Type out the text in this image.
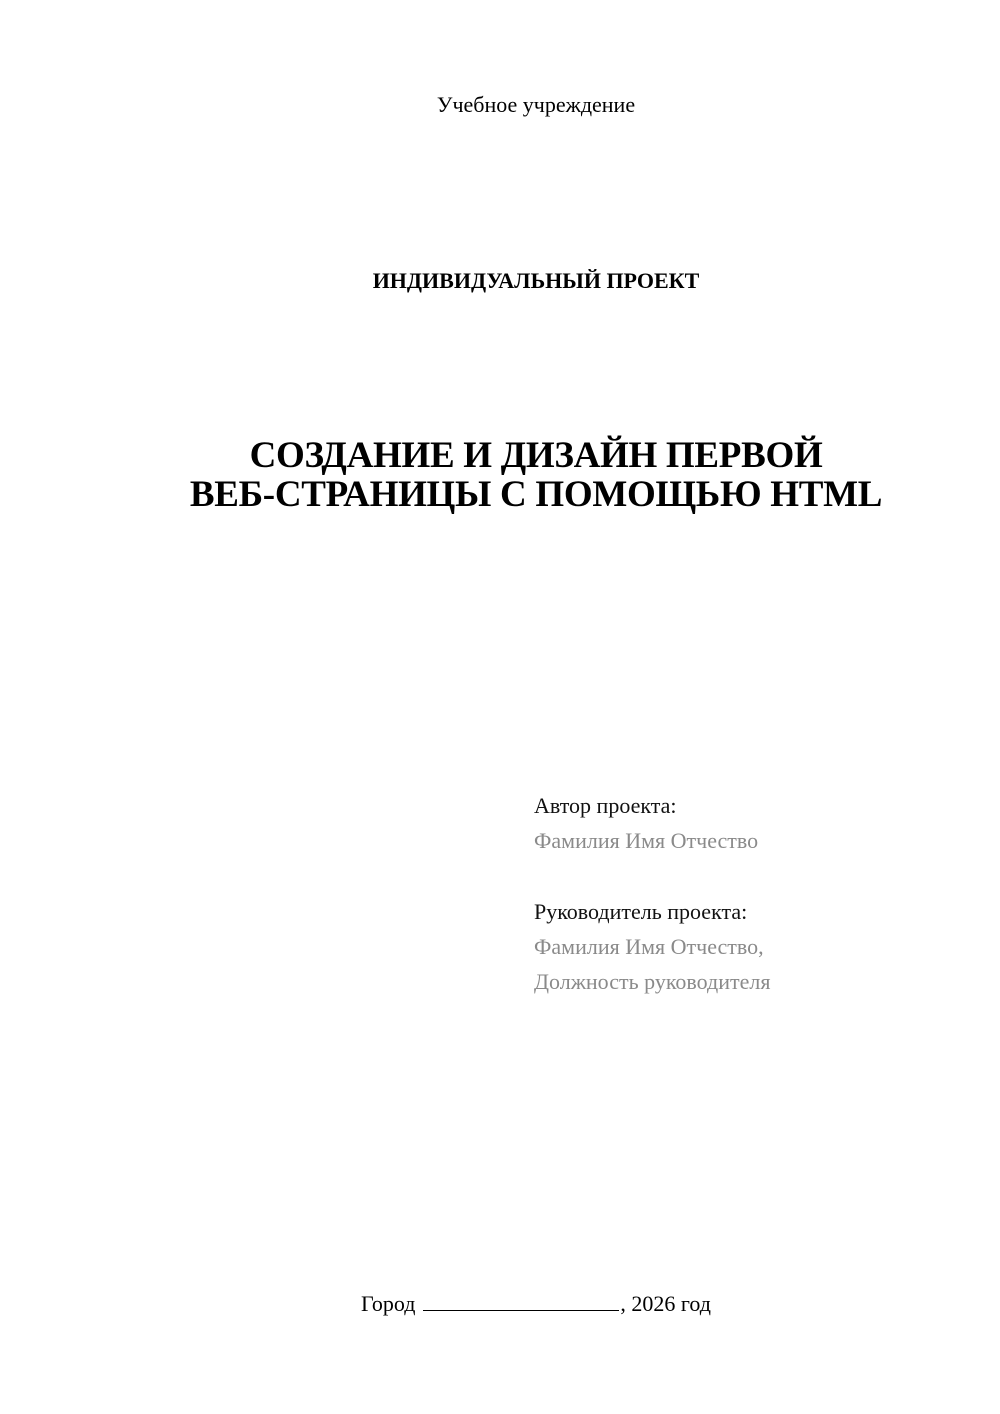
Учебное учреждение
ИНДИВИДУАЛЬНЫЙ ПРОЕКТ
СОЗДАНИЕ И ДИЗАЙН ПЕРВОЙ
ВЕБ-СТРАНИЦЫ С ПОМОЩЬЮ HTML
Автор проекта:
Фамилия Имя Отчество
Руководитель проекта:
Фамилия Имя Отчество,
Должность руководителя
Город	, 2026 год
